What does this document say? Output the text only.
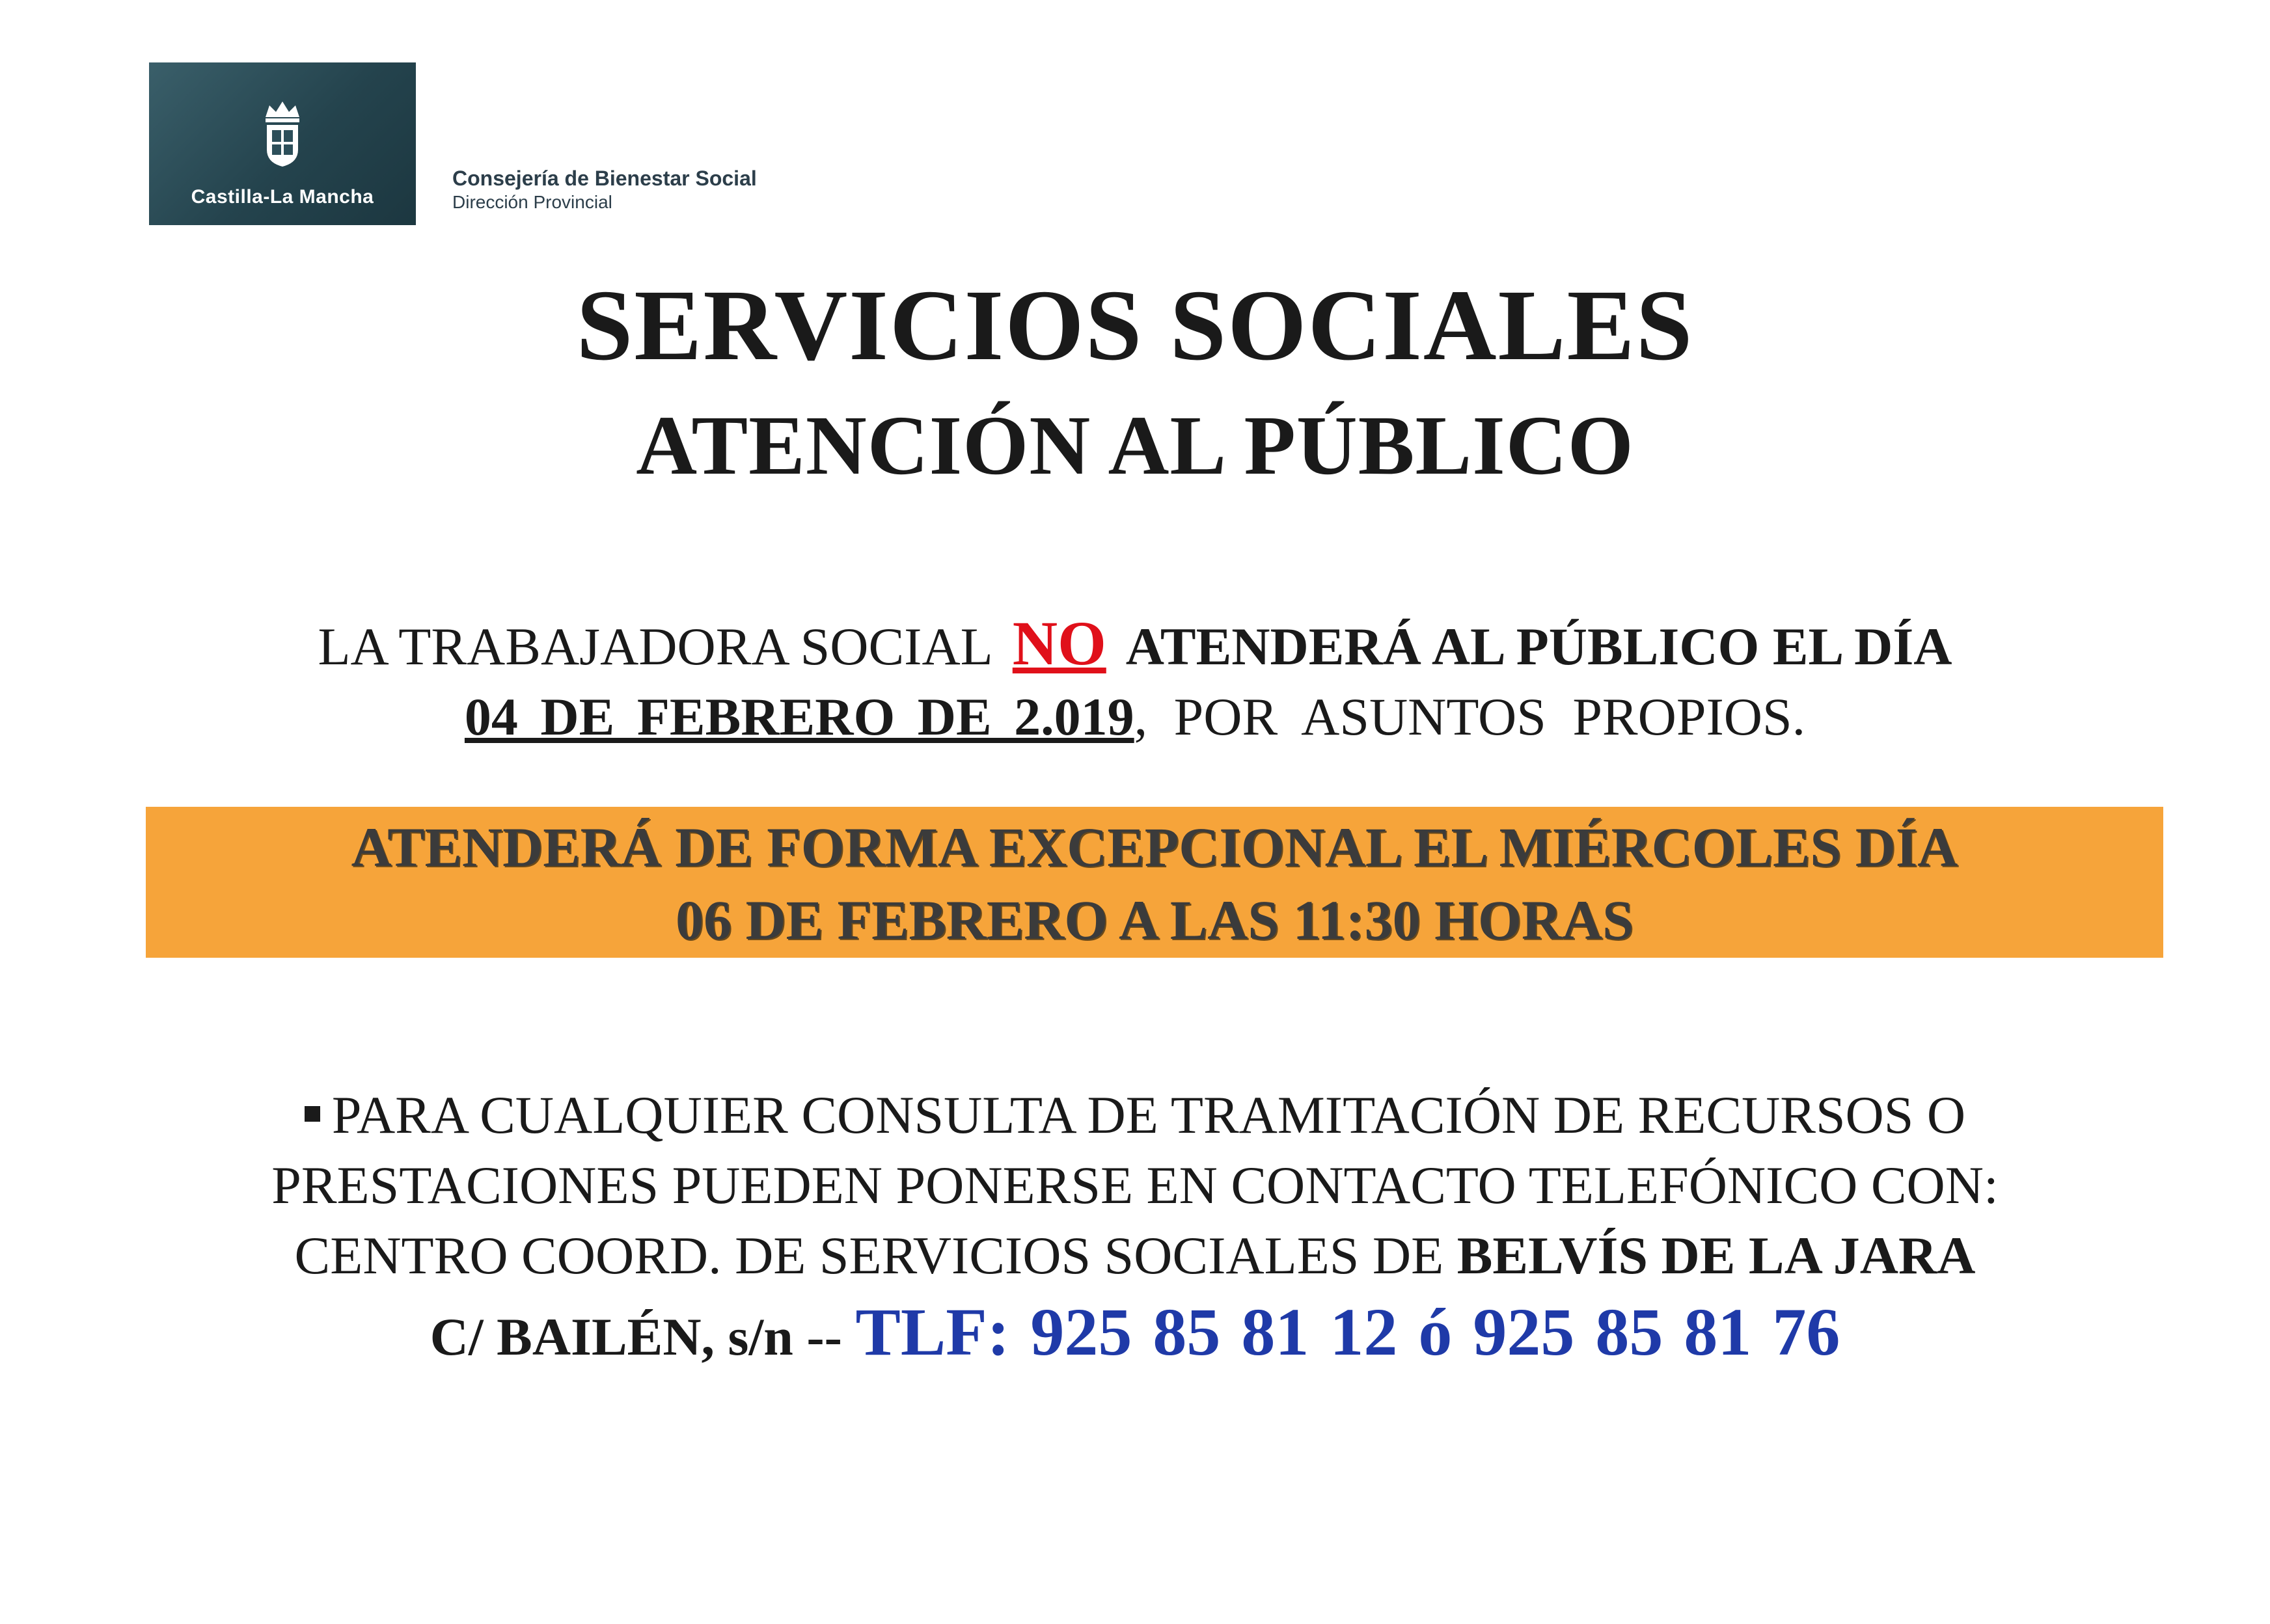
Castilla-La Mancha
Consejería de Bienestar Social
Dirección Provincial
SERVICIOS SOCIALES
ATENCIÓN AL PÚBLICO
LA TRABAJADORA SOCIAL NO ATENDERÁ AL PÚBLICO EL DÍA
04 DE FEBRERO DE 2.019, POR ASUNTOS PROPIOS.
ATENDERÁ DE FORMA EXCEPCIONAL EL MIÉRCOLES DÍA
06 DE FEBRERO A LAS 11:30 HORAS
PARA CUALQUIER CONSULTA DE TRAMITACIÓN DE RECURSOS O
PRESTACIONES PUEDEN PONERSE EN CONTACTO TELEFÓNICO CON:
CENTRO COORD. DE SERVICIOS SOCIALES DE BELVÍS DE LA JARA
C/ BAILÉN, s/n -- TLF: 925 85 81 12 ó 925 85 81 76
